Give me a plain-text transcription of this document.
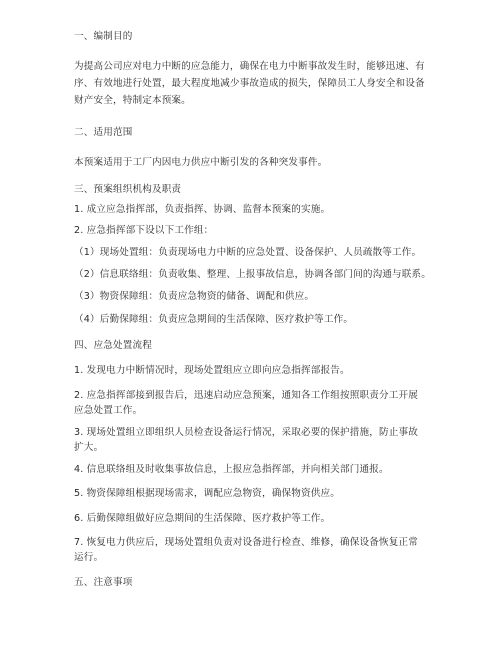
一、编制目的
为提高公司应对电力中断的应急能力，确保在电力中断事故发生时，能够迅速、有
序、有效地进行处置，最大程度地减少事故造成的损失，保障员工人身安全和设备
财产安全，特制定本预案。
二、适用范围
本预案适用于工厂内因电力供应中断引发的各种突发事件。
三、预案组织机构及职责
1. 成立应急指挥部，负责指挥、协调、监督本预案的实施。
2. 应急指挥部下设以下工作组：
（1）现场处置组：负责现场电力中断的应急处置、设备保护、人员疏散等工作。
（2）信息联络组：负责收集、整理、上报事故信息，协调各部门间的沟通与联系。
（3）物资保障组：负责应急物资的储备、调配和供应。
（4）后勤保障组：负责应急期间的生活保障、医疗救护等工作。
四、应急处置流程
1. 发现电力中断情况时，现场处置组应立即向应急指挥部报告。
2. 应急指挥部接到报告后，迅速启动应急预案，通知各工作组按照职责分工开展
应急处置工作。
3. 现场处置组立即组织人员检查设备运行情况，采取必要的保护措施，防止事故
扩大。
4. 信息联络组及时收集事故信息，上报应急指挥部，并向相关部门通报。
5. 物资保障组根据现场需求，调配应急物资，确保物资供应。
6. 后勤保障组做好应急期间的生活保障、医疗救护等工作。
7. 恢复电力供应后，现场处置组负责对设备进行检查、维修，确保设备恢复正常
运行。
五、注意事项
